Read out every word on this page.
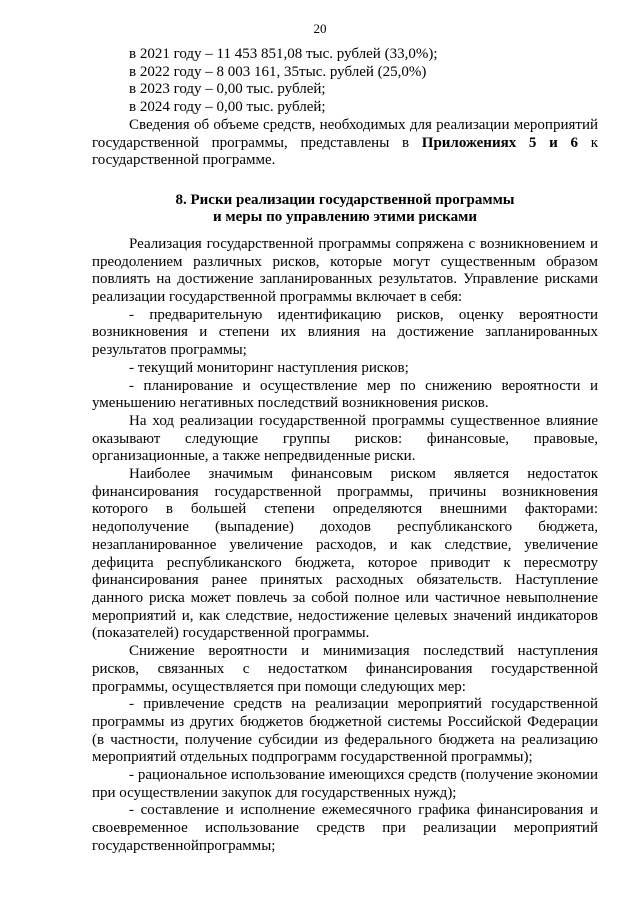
20
в 2021 году – 11 453 851,08 тыс. рублей (33,0%);
в 2022 году – 8 003 161, 35тыс. рублей (25,0%)
в 2023 году – 0,00 тыс. рублей;
в 2024 году – 0,00 тыс. рублей;

Сведения об объеме средств, необходимых для реализации мероприятий государственной программы, представлены в Приложениях 5 и 6 к государственной программе.

8. Риски реализации государственной программы
и меры по управлению этими рисками

Реализация государственной программы сопряжена с возникновением и преодолением различных рисков, которые могут существенным образом повлиять на достижение запланированных результатов. Управление рисками реализации государственной программы включает в себя:

- предварительную идентификацию рисков, оценку вероятности возникновения и степени их влияния на достижение запланированных результатов программы;

- текущий мониторинг наступления рисков;

- планирование и осуществление мер по снижению вероятности и уменьшению негативных последствий возникновения рисков.

На ход реализации государственной программы существенное влияние оказывают следующие группы рисков: финансовые, правовые, организационные, а также непредвиденные риски.

Наиболее значимым финансовым риском является недостаток финансирования государственной программы, причины возникновения которого в большей степени определяются внешними факторами: недополучение (выпадение) доходов республиканского бюджета, незапланированное увеличение расходов, и как следствие, увеличение дефицита республиканского бюджета, которое приводит к пересмотру финансирования ранее принятых расходных обязательств. Наступление данного риска может повлечь за собой полное или частичное невыполнение мероприятий и, как следствие, недостижение целевых значений индикаторов (показателей) государственной программы.

Снижение вероятности и минимизация последствий наступления рисков, связанных с недостатком финансирования государственной программы, осуществляется при помощи следующих мер:

- привлечение средств на реализации мероприятий государственной программы из других бюджетов бюджетной системы Российской Федерации (в частности, получение субсидии из федерального бюджета на реализацию мероприятий отдельных подпрограмм государственной программы);

- рациональное использование имеющихся средств (получение экономии при осуществлении закупок для государственных нужд);

- составление и исполнение ежемесячного графика финансирования и своевременное использование средств при реализации мероприятий государственнойпрограммы;
